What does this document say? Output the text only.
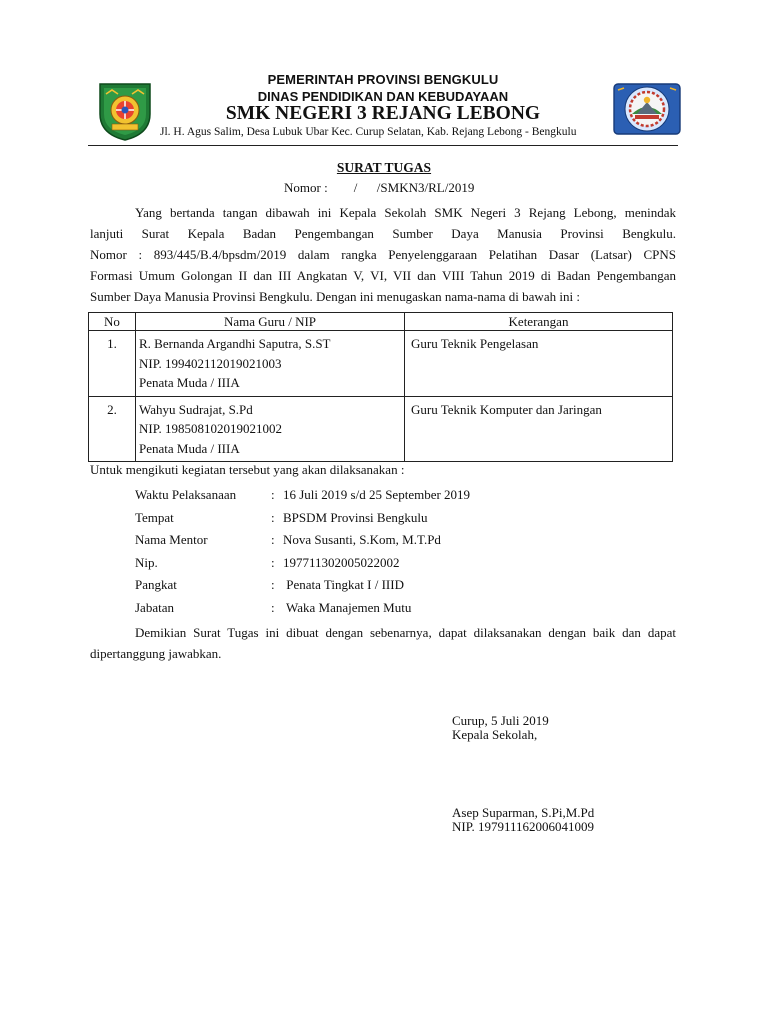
PEMERINTAH PROVINSI BENGKULU
DINAS PENDIDIKAN DAN KEBUDAYAAN
SMK NEGERI 3 REJANG LEBONG
Jl. H. Agus Salim, Desa Lubuk Ubar Kec. Curup Selatan, Kab. Rejang Lebong - Bengkulu
SURAT TUGAS
Nomor :        /      /SMKN3/RL/2019
Yang bertanda tangan dibawah ini Kepala Sekolah SMK Negeri 3 Rejang Lebong, menindak
lanjuti Surat Kepala Badan Pengembangan Sumber Daya Manusia Provinsi Bengkulu.
Nomor : 893/445/B.4/bpsdm/2019 dalam rangka Penyelenggaraan Pelatihan Dasar (Latsar) CPNS
Formasi Umum Golongan II dan III Angkatan V, VI, VII dan VIII Tahun 2019 di Badan Pengembangan
Sumber Daya Manusia Provinsi Bengkulu. Dengan ini menugaskan nama-nama di bawah ini :
No	Nama Guru / NIP	Keterangan
1.	R. Bernanda Argandhi Saputra, S.ST
NIP. 199402112019021003
Penata Muda / IIIA	Guru Teknik Pengelasan
2.	Wahyu Sudrajat, S.Pd
NIP. 198508102019021002
Penata Muda / IIIA	Guru Teknik Komputer dan Jaringan
Untuk mengikuti kegiatan tersebut yang akan dilaksanakan :
Waktu Pelaksanaan	: 16 Juli 2019 s/d 25 September 2019
Tempat	: BPSDM Provinsi Bengkulu
Nama Mentor	: Nova Susanti, S.Kom, M.T.Pd
Nip.	: 197711302005022002
Pangkat	: Penata Tingkat I / IIID
Jabatan	: Waka Manajemen Mutu
Demikian Surat Tugas ini dibuat dengan sebenarnya, dapat dilaksanakan dengan baik dan dapat
dipertanggung jawabkan.
Curup, 5 Juli 2019
Kepala Sekolah,
Asep Suparman, S.Pi,M.Pd
NIP. 197911162006041009
